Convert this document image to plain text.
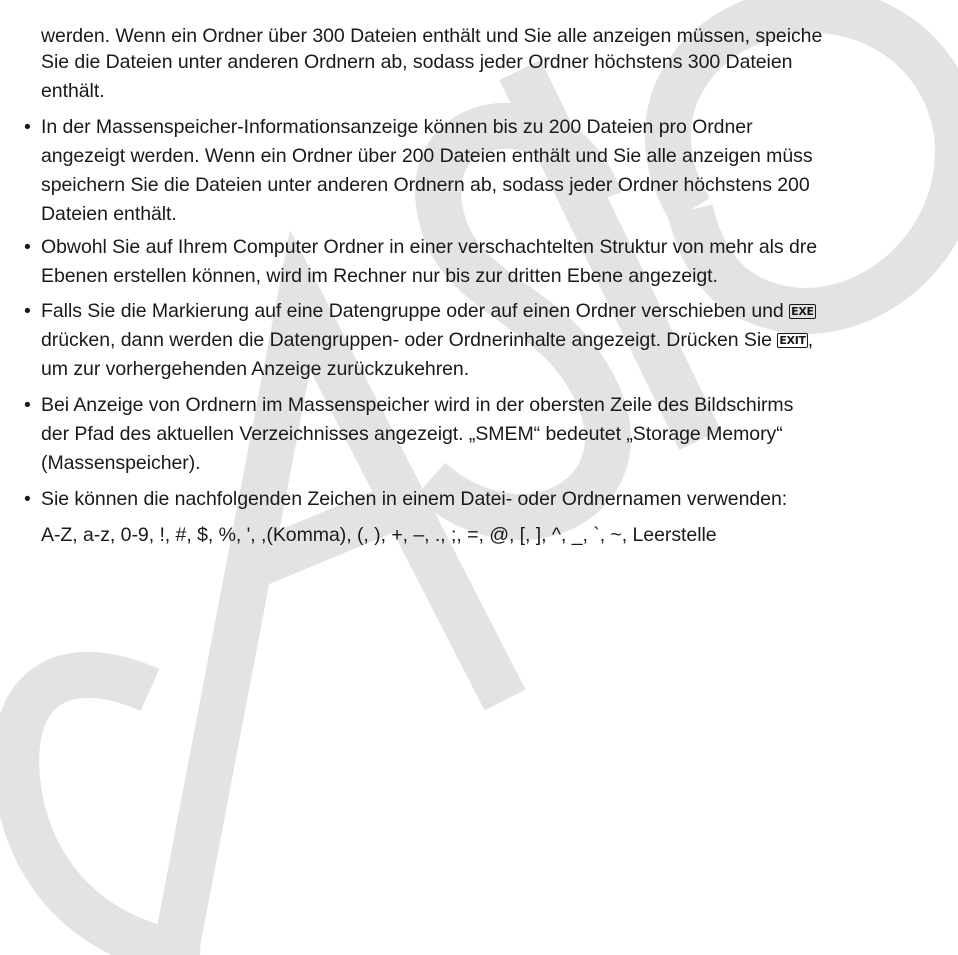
werden. Wenn ein Ordner über 300 Dateien enthält und Sie alle anzeigen müssen, speiche
Sie die Dateien unter anderen Ordnern ab, sodass jeder Ordner höchstens 300 Dateien
enthält.
• In der Massenspeicher-Informationsanzeige können bis zu 200 Dateien pro Ordner
angezeigt werden. Wenn ein Ordner über 200 Dateien enthält und Sie alle anzeigen müss
speichern Sie die Dateien unter anderen Ordnern ab, sodass jeder Ordner höchstens 200
Dateien enthält.
• Obwohl Sie auf Ihrem Computer Ordner in einer verschachtelten Struktur von mehr als dre
Ebenen erstellen können, wird im Rechner nur bis zur dritten Ebene angezeigt.
• Falls Sie die Markierung auf eine Datengruppe oder auf einen Ordner verschieben und EXE
drücken, dann werden die Datengruppen- oder Ordnerinhalte angezeigt. Drücken Sie EXIT ,
um zur vorhergehenden Anzeige zurückzukehren.
• Bei Anzeige von Ordnern im Massenspeicher wird in der obersten Zeile des Bildschirms
der Pfad des aktuellen Verzeichnisses angezeigt. „SMEM“ bedeutet „Storage Memory“
(Massenspeicher).
• Sie können die nachfolgenden Zeichen in einem Datei- oder Ordnernamen verwenden:
A-Z, a-z, 0-9, !, #, $, %, ', ,(Komma), (, ), +, –, ., ;, =, @, [, ], ^, _, `, ~, Leerstelle
